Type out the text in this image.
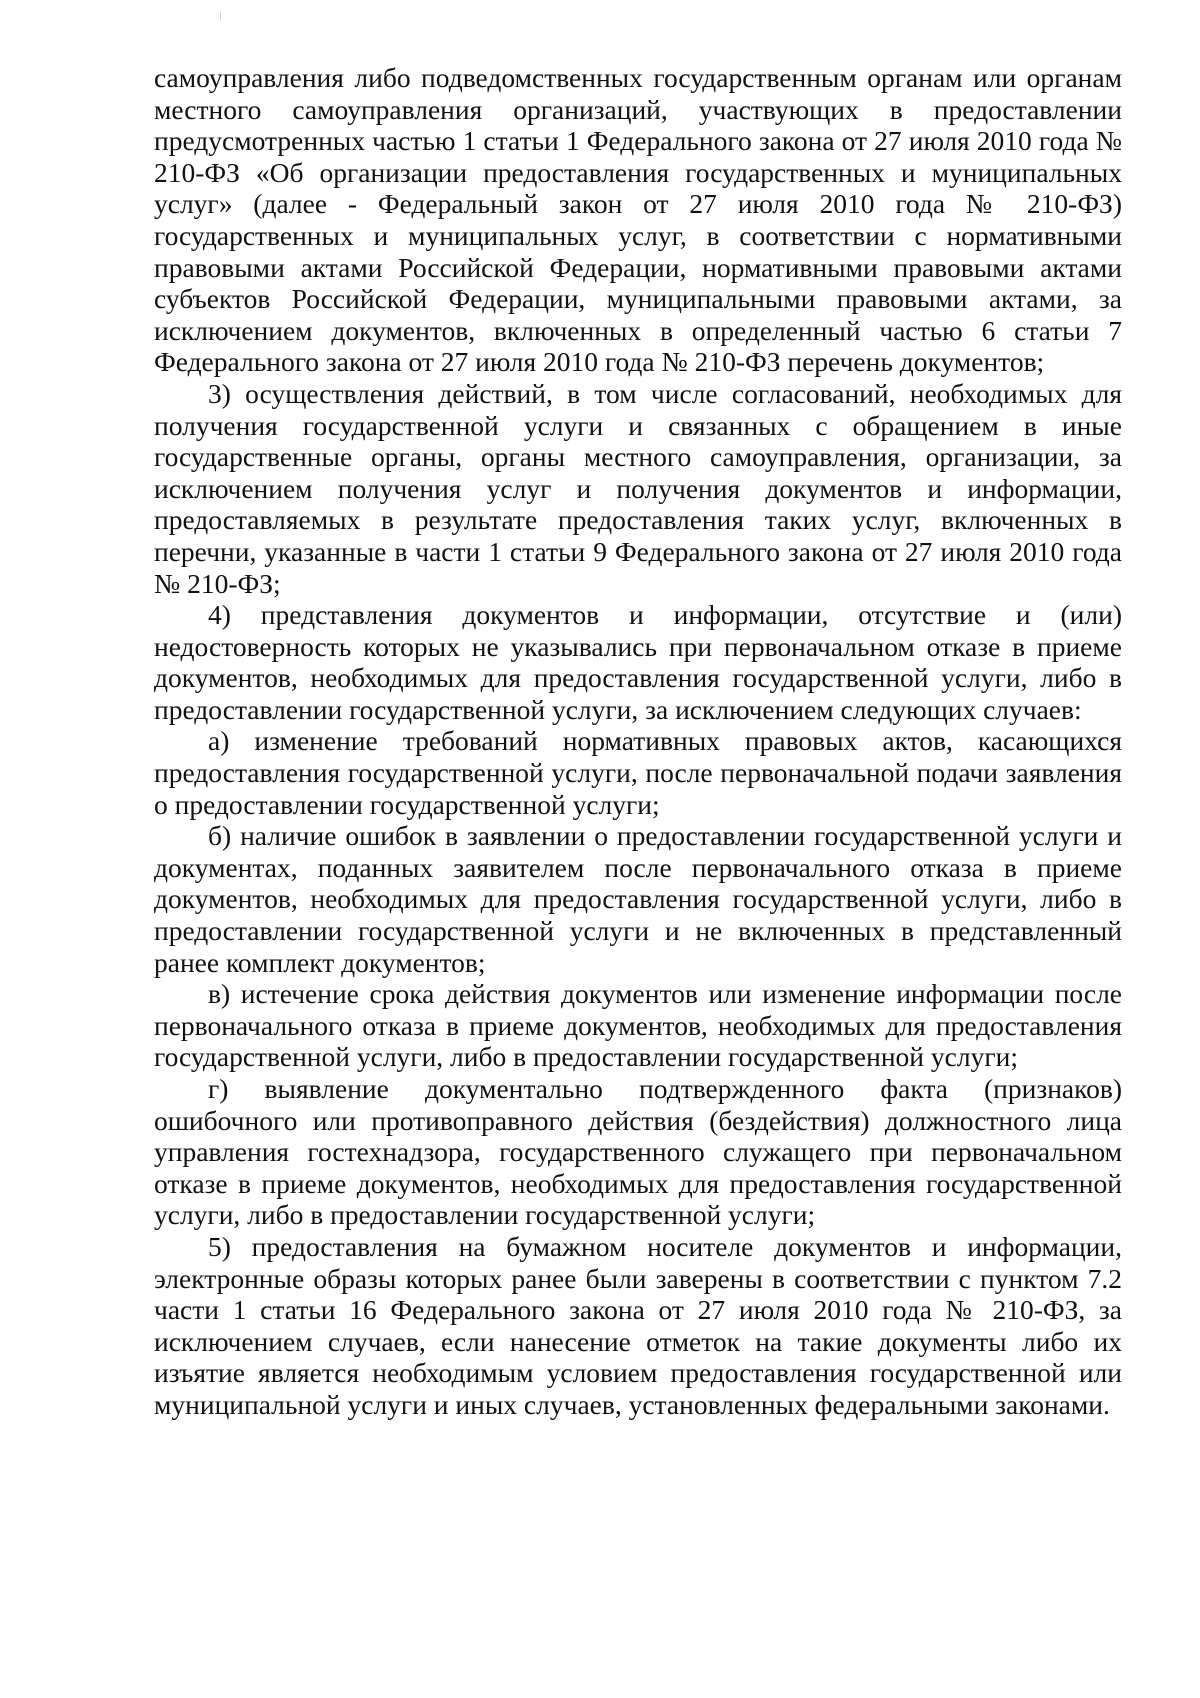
самоуправления либо подведомственных государственным органам или органам местного самоуправления организаций, участвующих в предоставлении предусмотренных частью 1 статьи 1 Федерального закона от 27 июля 2010 года № 210-ФЗ «Об организации предоставления государственных и муниципальных услуг» (далее - Федеральный закон от 27 июля 2010 года № 210-ФЗ) государственных и муниципальных услуг, в соответствии с нормативными правовыми актами Российской Федерации, нормативными правовыми актами субъектов Российской Федерации, муниципальными правовыми актами, за исключением документов, включенных в определенный частью 6 статьи 7 Федерального закона от 27 июля 2010 года № 210-ФЗ перечень документов;

3) осуществления действий, в том числе согласований, необходимых для получения государственной услуги и связанных с обращением в иные государственные органы, органы местного самоуправления, организации, за исключением получения услуг и получения документов и информации, предоставляемых в результате предоставления таких услуг, включенных в перечни, указанные в части 1 статьи 9 Федерального закона от 27 июля 2010 года № 210-ФЗ;

4) представления документов и информации, отсутствие и (или) недостоверность которых не указывались при первоначальном отказе в приеме документов, необходимых для предоставления государственной услуги, либо в предоставлении государственной услуги, за исключением следующих случаев:

а) изменение требований нормативных правовых актов, касающихся предоставления государственной услуги, после первоначальной подачи заявления о предоставлении государственной услуги;

б) наличие ошибок в заявлении о предоставлении государственной услуги и документах, поданных заявителем после первоначального отказа в приеме документов, необходимых для предоставления государственной услуги, либо в предоставлении государственной услуги и не включенных в представленный ранее комплект документов;

в) истечение срока действия документов или изменение информации после первоначального отказа в приеме документов, необходимых для предоставления государственной услуги, либо в предоставлении государственной услуги;

г) выявление документально подтвержденного факта (признаков) ошибочного или противоправного действия (бездействия) должностного лица управления гостехнадзора, государственного служащего при первоначальном отказе в приеме документов, необходимых для предоставления государственной услуги, либо в предоставлении государственной услуги;

5) предоставления на бумажном носителе документов и информации, электронные образы которых ранее были заверены в соответствии с пунктом 7.2 части 1 статьи 16 Федерального закона от 27 июля 2010 года № 210-ФЗ, за исключением случаев, если нанесение отметок на такие документы либо их изъятие является необходимым условием предоставления государственной или муниципальной услуги и иных случаев, установленных федеральными законами.
